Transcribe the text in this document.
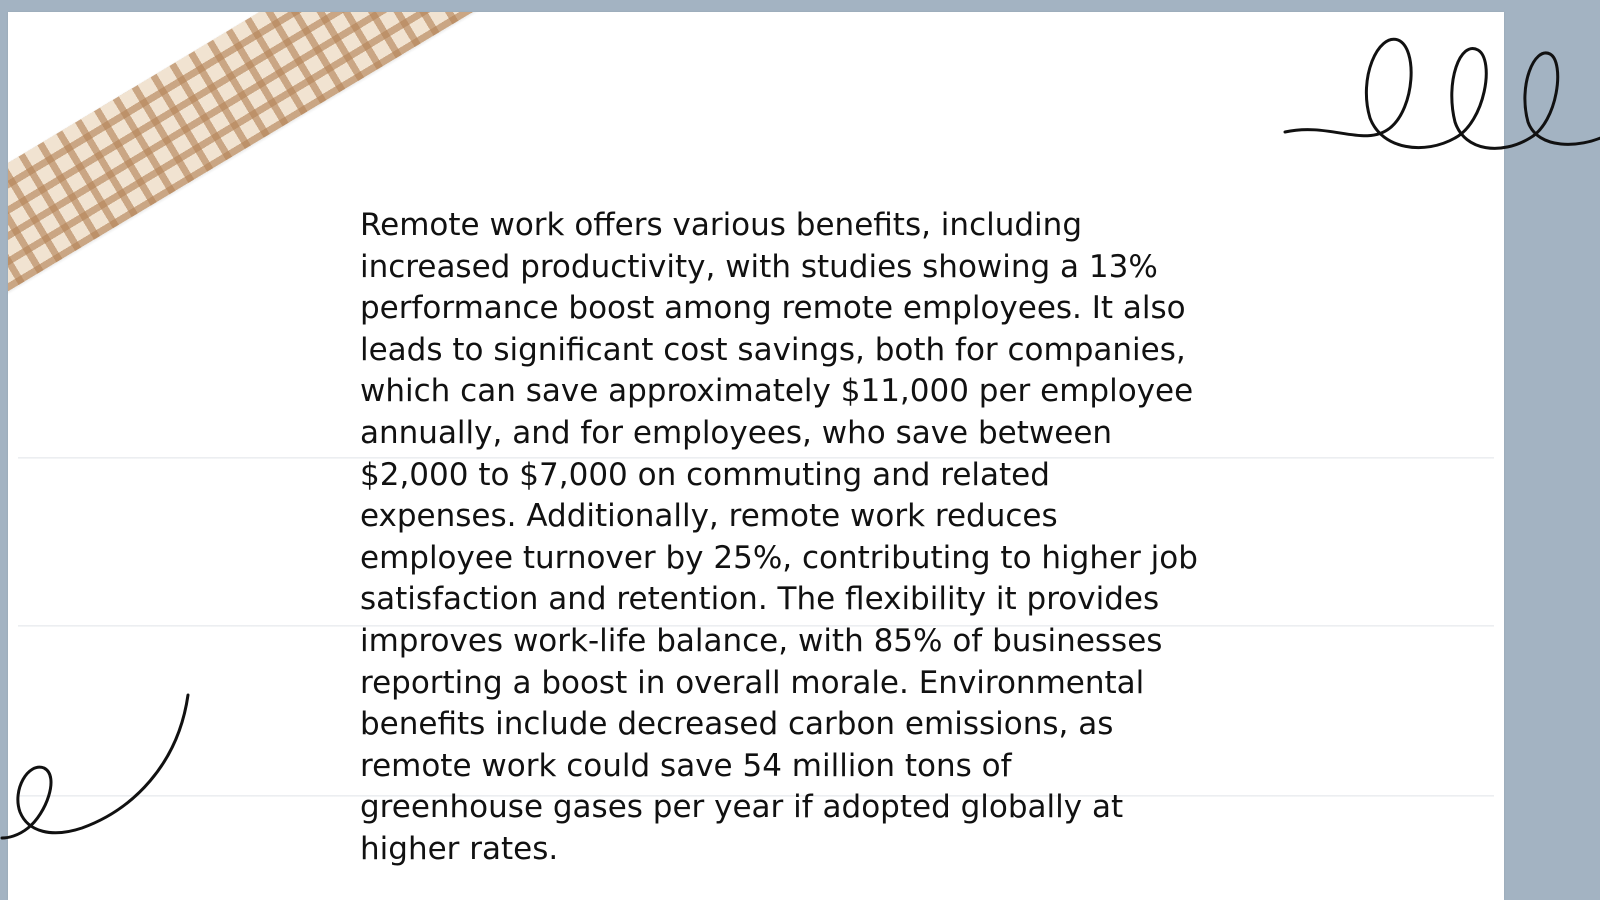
Remote work offers various benefits, including
increased productivity, with studies showing a 13%
performance boost among remote employees. It also
leads to significant cost savings, both for companies,
which can save approximately $11,000 per employee
annually, and for employees, who save between
$2,000 to $7,000 on commuting and related
expenses. Additionally, remote work reduces
employee turnover by 25%, contributing to higher job
satisfaction and retention. The flexibility it provides
improves work-life balance, with 85% of businesses
reporting a boost in overall morale. Environmental
benefits include decreased carbon emissions, as
remote work could save 54 million tons of
greenhouse gases per year if adopted globally at
higher rates.
